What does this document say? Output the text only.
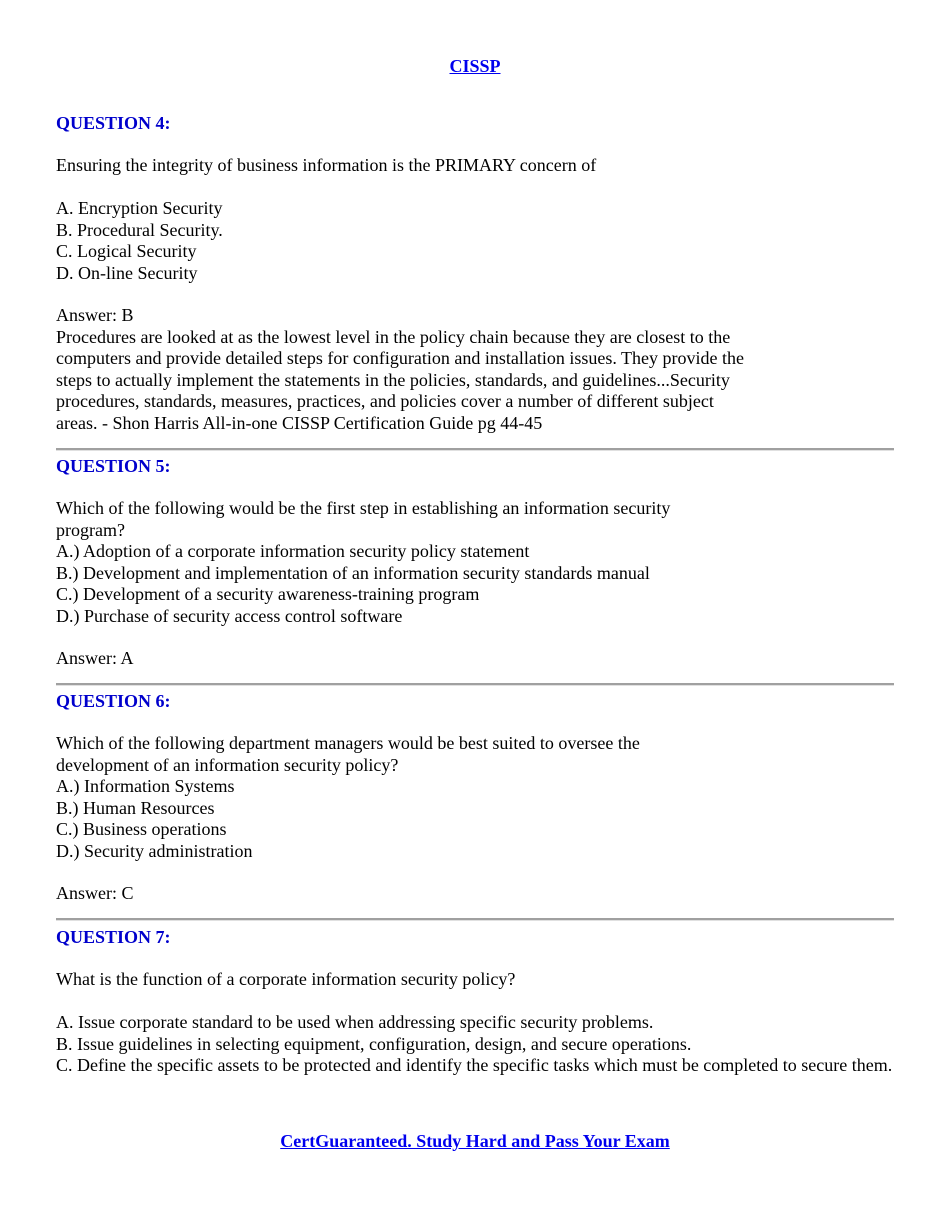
CISSP
QUESTION 4:
Ensuring the integrity of business information is the PRIMARY concern of
A. Encryption Security
B. Procedural Security.
C. Logical Security
D. On-line Security
Answer: B
Procedures are looked at as the lowest level in the policy chain because they are closest to the
computers and provide detailed steps for configuration and installation issues. They provide the
steps to actually implement the statements in the policies, standards, and guidelines...Security
procedures, standards, measures, practices, and policies cover a number of different subject
areas. - Shon Harris All-in-one CISSP Certification Guide pg 44-45
QUESTION 5:
Which of the following would be the first step in establishing an information security
program?
A.) Adoption of a corporate information security policy statement
B.) Development and implementation of an information security standards manual
C.) Development of a security awareness-training program
D.) Purchase of security access control software
Answer: A
QUESTION 6:
Which of the following department managers would be best suited to oversee the
development of an information security policy?
A.) Information Systems
B.) Human Resources
C.) Business operations
D.) Security administration
Answer: C
QUESTION 7:
What is the function of a corporate information security policy?
A. Issue corporate standard to be used when addressing specific security problems.
B. Issue guidelines in selecting equipment, configuration, design, and secure operations.
C. Define the specific assets to be protected and identify the specific tasks which must be completed to secure them.
CertGuaranteed. Study Hard and Pass Your Exam
